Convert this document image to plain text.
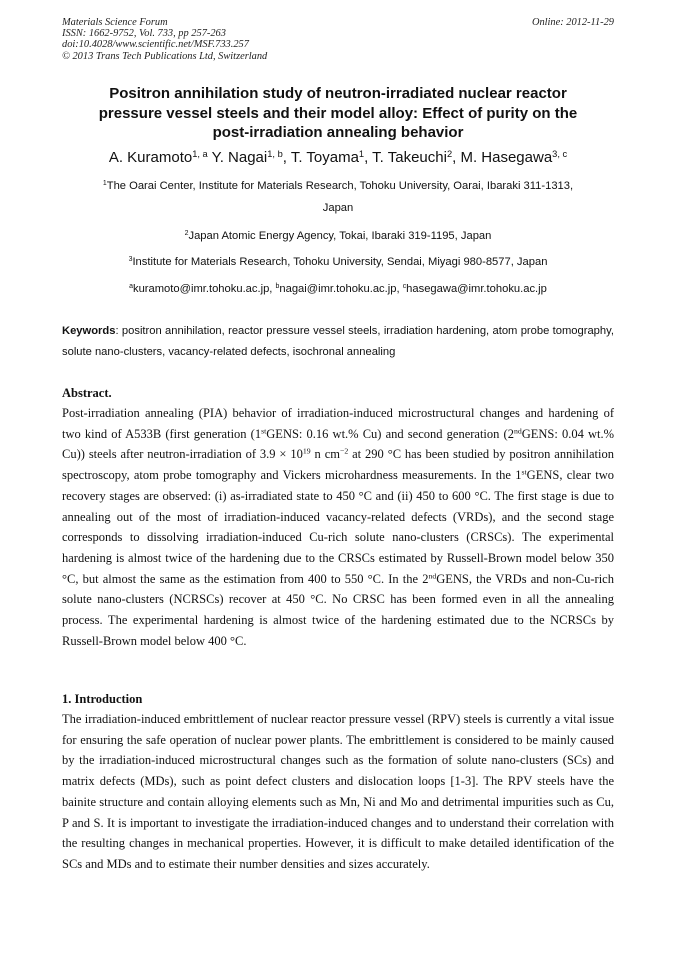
Materials Science Forum
ISSN: 1662-9752, Vol. 733, pp 257-263
doi:10.4028/www.scientific.net/MSF.733.257
© 2013 Trans Tech Publications Ltd, Switzerland
Online: 2012-11-29
Positron annihilation study of neutron-irradiated nuclear reactor
pressure vessel steels and their model alloy: Effect of purity on the
post-irradiation annealing behavior
A. Kuramoto$^{1, a}$ Y. Nagai$^{1, b}$, T. Toyama$^1$, T. Takeuchi$^2$, M. Hasegawa$^{3, c}$
$^1$The Oarai Center, Institute for Materials Research, Tohoku University, Oarai, Ibaraki 311-1313,
Japan
$^2$Japan Atomic Energy Agency, Tokai, Ibaraki 319-1195, Japan
$^3$Institute for Materials Research, Tohoku University, Sendai, Miyagi 980-8577, Japan
$^a$kuramoto@imr.tohoku.ac.jp, $^b$nagai@imr.tohoku.ac.jp, $^c$hasegawa@imr.tohoku.ac.jp
Keywords: positron annihilation, reactor pressure vessel steels, irradiation hardening, atom probe tomography, solute nano-clusters, vacancy-related defects, isochronal annealing
Abstract.
Post-irradiation annealing (PIA) behavior of irradiation-induced microstructural changes and hardening of two kind of A533B (first generation (1stGENS: 0.16 wt.% Cu) and second generation (2ndGENS: 0.04 wt.% Cu)) steels after neutron-irradiation of $3.9 \times 10^{19}$ n $cm^{-2}$ at 290 °C has been studied by positron annihilation spectroscopy, atom probe tomography and Vickers microhardness measurements. In the 1stGENS, clear two recovery stages are observed: (i) as-irradiated state to 450 °C and (ii) 450 to 600 °C. The first stage is due to annealing out of the most of irradiation-induced vacancy-related defects (VRDs), and the second stage corresponds to dissolving irradiation-induced Cu-rich solute nano-clusters (CRSCs). The experimental hardening is almost twice of the hardening due to the CRSCs estimated by Russell-Brown model below 350 °C, but almost the same as the estimation from 400 to 550 °C. In the 2ndGENS, the VRDs and non-Cu-rich solute nano-clusters (NCRSCs) recover at 450 °C. No CRSC has been formed even in all the annealing process. The experimental hardening is almost twice of the hardening estimated due to the NCRSCs by Russell-Brown model below 400 °C.
1. Introduction
The irradiation-induced embrittlement of nuclear reactor pressure vessel (RPV) steels is currently a vital issue for ensuring the safe operation of nuclear power plants. The embrittlement is considered to be mainly caused by the irradiation-induced microstructural changes such as the formation of solute nano-clusters (SCs) and matrix defects (MDs), such as point defect clusters and dislocation loops [1-3]. The RPV steels have the bainite structure and contain alloying elements such as Mn, Ni and Mo and detrimental impurities such as Cu, P and S. It is important to investigate the irradiation-induced changes and to understand their correlation with the resulting changes in mechanical properties. However, it is difficult to make detailed identification of the SCs and MDs and to estimate their number densities and sizes accurately.
